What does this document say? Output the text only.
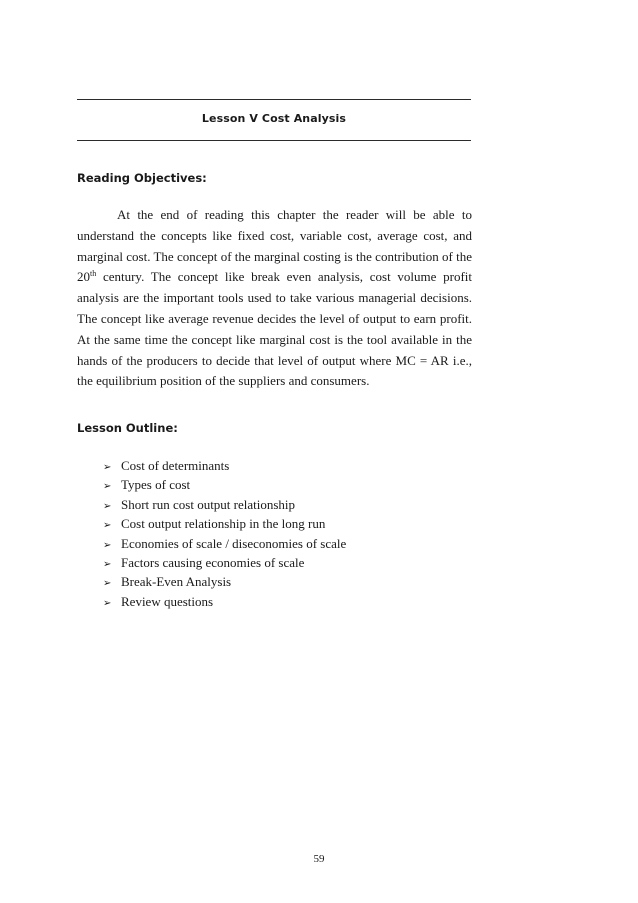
Lesson V Cost Analysis
Reading Objectives:

At the end of reading this chapter the reader will be able to understand the concepts like fixed cost, variable cost, average cost, and marginal cost. The concept of the marginal costing is the contribution of the 20th century. The concept like break even analysis, cost volume profit analysis are the important tools used to take various managerial decisions. The concept like average revenue decides the level of output to earn profit. At the same time the concept like marginal cost is the tool available in the hands of the producers to decide that level of output where MC = AR i.e., the equilibrium position of the suppliers and consumers.

Lesson Outline:
➢ Cost of determinants
➢ Types of cost
➢ Short run cost output relationship
➢ Cost output relationship in the long run
➢ Economies of scale / diseconomies of scale
➢ Factors causing economies of scale
➢ Break-Even Analysis
➢ Review questions
59
